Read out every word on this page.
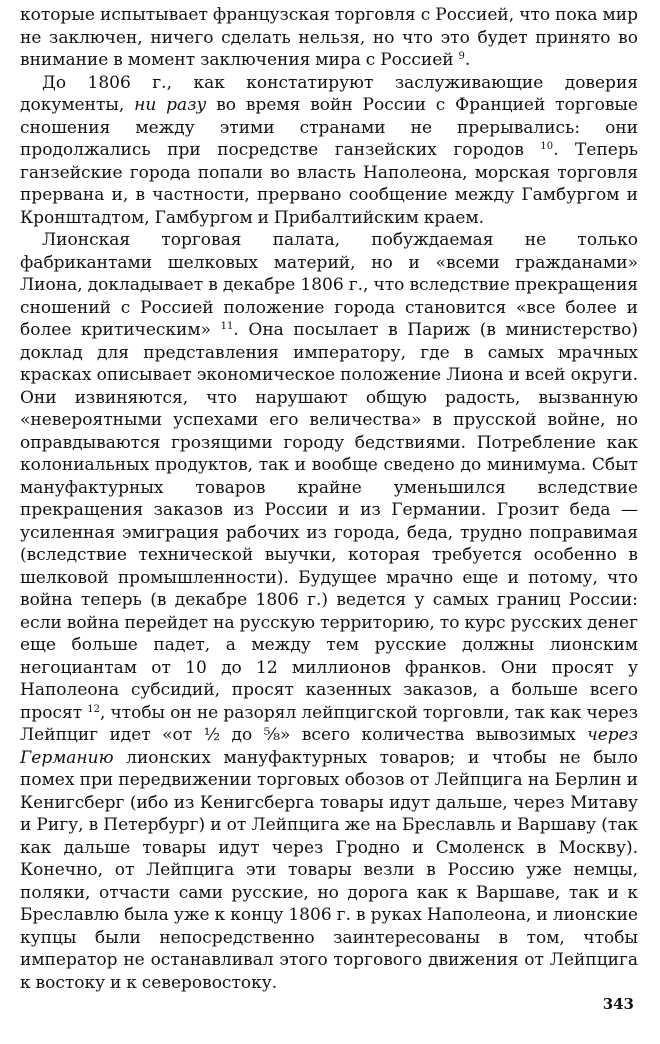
которые испытывает французская торговля с Россией, что пока мир не заключен, ничего сделать нельзя, но что это будет принято во внимание в момент заключения мира с Россией $^9$.

До 1806 г., как констатируют заслуживающие доверия документы, ни разу во время войн России с Францией торговые сношения между этими странами не прерывались: они продолжались при посредстве ганзейских городов $^{10}$. Теперь ганзейские города попали во власть Наполеона, морская торговля прервана и, в частности, прервано сообщение между Гамбургом и Кронштадтом, Гамбургом и Прибалтийским краем.

Лионская торговая палата, побуждаемая не только фабрикантами шелковых материй, но и «всеми гражданами» Лиона, докладывает в декабре 1806 г., что вследствие прекращения сношений с Россией положение города становится «все более и более критическим» $^{11}$. Она посылает в Париж (в министерство) доклад для представления императору, где в самых мрачных красках описывает экономическое положение Лиона и всей округи. Они извиняются, что нарушают общую радость, вызванную «невероятными успехами его величества» в прусской войне, но оправдываются грозящими городу бедствиями. Потребление как колониальных продуктов, так и вообще сведено до минимума. Сбыт мануфактурных товаров крайне уменьшился вследствие прекращения заказов из России и из Германии. Грозит беда — усиленная эмиграция рабочих из города, беда, трудно поправимая (вследствие технической выучки, которая требуется особенно в шелковой промышленности). Будущее мрачно еще и потому, что война теперь (в декабре 1806 г.) ведется у самых границ России: если война перейдет на русскую территорию, то курс русских денег еще больше падет, а между тем русские должны лионским негоциантам от 10 до 12 миллионов франков. Они просят у Наполеона субсидий, просят казенных заказов, а больше всего просят $^{12}$, чтобы он не разорял лейпцигской торговли, так как через Лейпциг идет «от ½ до ⅝» всего количества вывозимых через Германию лионских мануфактурных товаров; и чтобы не было помех при передвижении торговых обозов от Лейпцига на Берлин и Кенигсберг (ибо из Кенигсберга товары идут дальше, через Митаву и Ригу, в Петербург) и от Лейпцига же на Бреславль и Варшаву (так как дальше товары идут через Гродно и Смоленск в Москву). Конечно, от Лейпцига эти товары везли в Россию уже немцы, поляки, отчасти сами русские, но дорога как к Варшаве, так и к Бреславлю была уже к концу 1806 г. в руках Наполеона, и лионские купцы были непосредственно заинтересованы в том, чтобы император не останавливал этого торгового движения от Лейпцига к востоку и к северовостоку.

343
